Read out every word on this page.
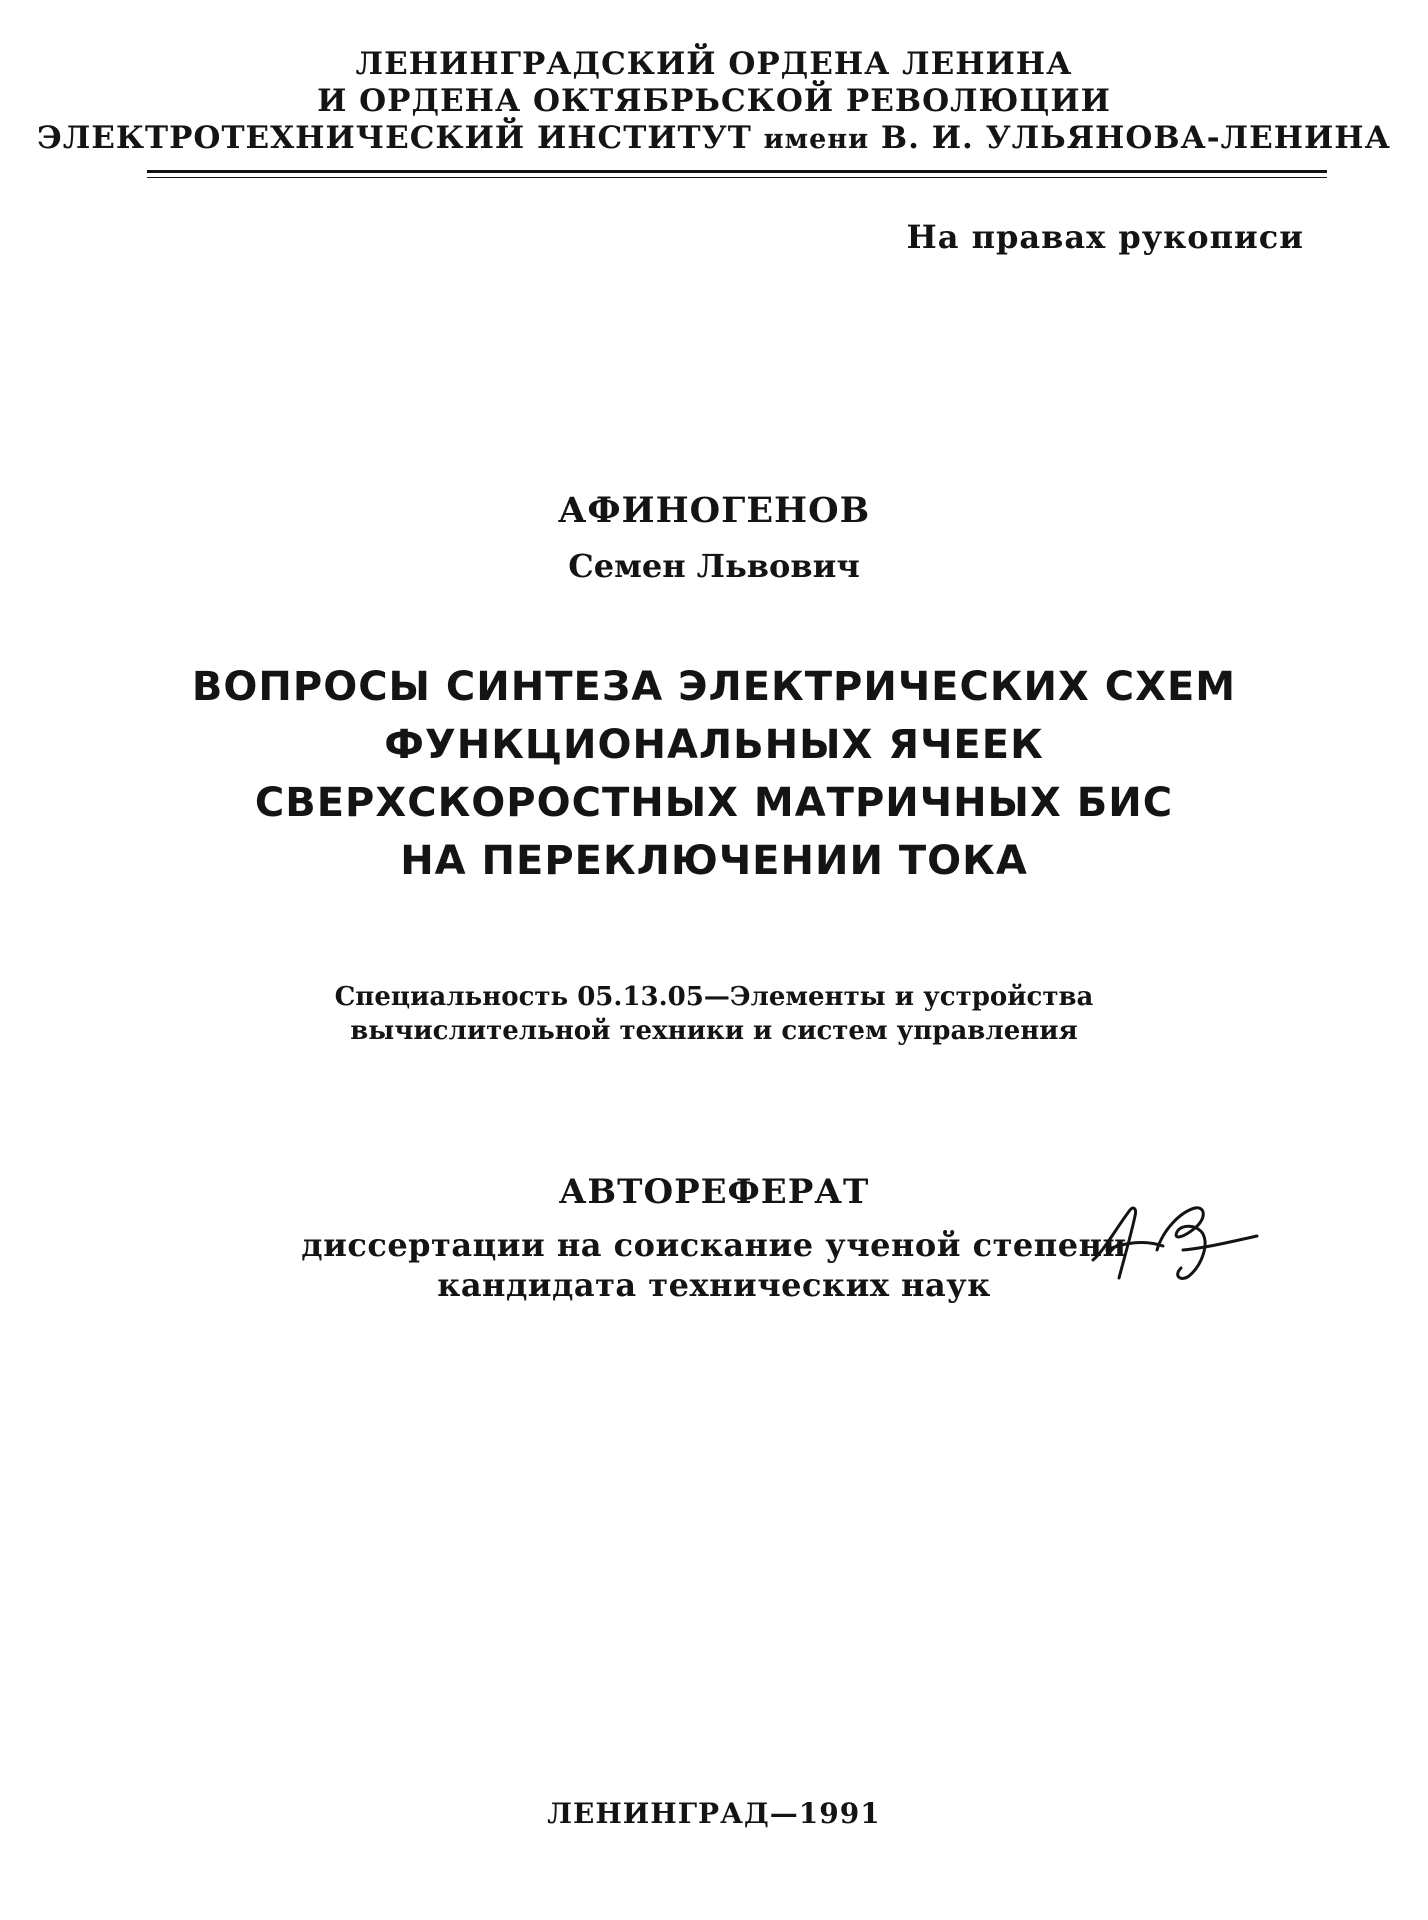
ЛЕНИНГРАДСКИЙ ОРДЕНА ЛЕНИНА
И ОРДЕНА ОКТЯБРЬСКОЙ РЕВОЛЮЦИИ
ЭЛЕКТРОТЕХНИЧЕСКИЙ ИНСТИТУТ имени В. И. УЛЬЯНОВА-ЛЕНИНА
На правах рукописи
АФИНОГЕНОВ
Семен Львович
ВОПРОСЫ СИНТЕЗА ЭЛЕКТРИЧЕСКИХ СХЕМ
ФУНКЦИОНАЛЬНЫХ ЯЧЕЕК
СВЕРХСКОРОСТНЫХ МАТРИЧНЫХ БИС
НА ПЕРЕКЛЮЧЕНИИ ТОКА
Специальность 05.13.05—Элементы и устройства
вычислительной техники и систем управления
АВТОРЕФЕРАТ
диссертации на соискание ученой степени
кандидата технических наук
ЛЕНИНГРАД—1991
